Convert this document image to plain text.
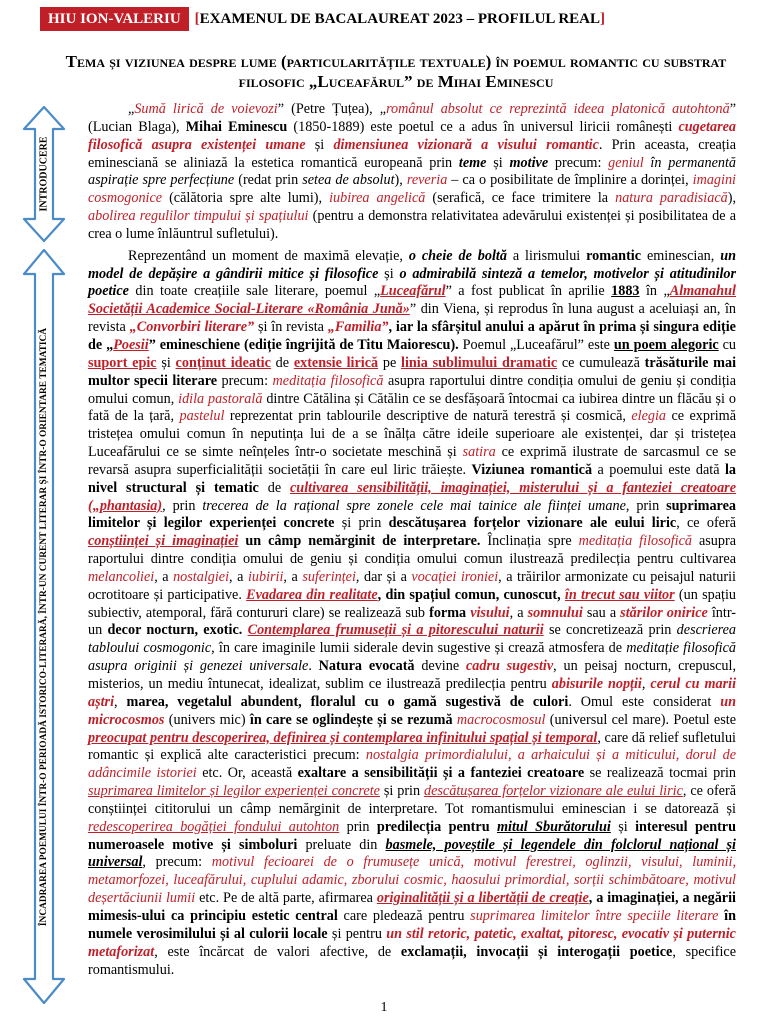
HIU ION-VALERIU [EXAMENUL DE BACALAUREAT 2023 – PROFILUL REAL]
Tema și viziunea despre lume (particularitățile textuale) în poemul romantic cu substrat filosofic „Luceafărul” de Mihai Eminescu
INTRODUCERE
ÎNCADRAREA POEMULUI ÎNTR-O PERIOADĂ ISTORICO-LITERARĂ, ÎNTR-UN CURENT LITERAR ȘI ÎNTR-O ORIENTARE TEMATICĂ

„Sumă lirică de voievozi” (Petre Țuțea), „românul absolut ce reprezintă ideea platonică autohtonă” (Lucian Blaga), Mihai Eminescu (1850-1889) este poetul ce a adus în universul liricii românești cugetarea filosofică asupra existenței umane și dimensiunea vizionară a visului romantic. Prin aceasta, creația eminesciană se aliniază la estetica romantică europeană prin teme și motive precum: geniul în permanentă aspirație spre perfecțiune (redat prin setea de absolut), reveria – ca o posibilitate de împlinire a dorinței, imagini cosmogonice (călătoria spre alte lumi), iubirea angelică (serafică, ce face trimitere la natura paradisiacă), abolirea regulilor timpului și spațiului (pentru a demonstra relativitatea adevărului existenței și posibilitatea de a crea o lume înlăuntrul sufletului).

Reprezentând un moment de maximă elevație, o cheie de boltă a lirismului romantic eminescian, un model de depășire a gândirii mitice și filosofice și o admirabilă sinteză a temelor, motivelor și atitudinilor poetice din toate creațiile sale literare, poemul „Luceafărul” a fost publicat în aprilie 1883 în „Almanahul Societății Academice Social-Literare «România Jună»” din Viena, și reprodus în luna august a aceluiași an, în revista „Convorbiri literare” și în revista „Familia”, iar la sfârșitul anului a apărut în prima și singura ediție de „Poesii” emineschiene (ediție îngrijită de Titu Maiorescu). Poemul „Luceafărul” este un poem alegoric cu suport epic și conținut ideatic de extensie lirică pe linia sublimului dramatic ce cumulează trăsăturile mai multor specii literare precum: meditația filosofică asupra raportului dintre condiția omului de geniu și condiția omului comun, idila pastorală dintre Cătălina și Cătălin ce se desfășoară întocmai ca iubirea dintre un flăcău și o fată de la țară, pastelul reprezentat prin tablourile descriptive de natură terestră și cosmică, elegia ce exprimă tristețea omului comun în neputința lui de a se înălța către ideile superioare ale existenței, dar și tristețea Luceafărului ce se simte neînțeles într-o societate meschină și satira ce exprimă ilustrate de sarcasmul ce se revarsă asupra superficialității societății în care eul liric trăiește. Viziunea romantică a poemului este dată la nivel structural și tematic de cultivarea sensibilității, imaginației, misterului și a fanteziei creatoare („phantasia), prin trecerea de la rațional spre zonele cele mai tainice ale ființei umane, prin suprimarea limitelor și legilor experienței concrete și prin descătușarea forțelor vizionare ale eului liric, ce oferă conștiinței și imaginației un câmp nemărginit de interpretare. Înclinația spre meditația filosofică asupra raportului dintre condiția omului de geniu și condiția omului comun ilustrează predilecția pentru cultivarea melancoliei, a nostalgiei, a iubirii, a suferinței, dar și a vocației ironiei, a trăirilor armonizate cu peisajul naturii ocrotitoare și participative. Evadarea din realitate, din spațiul comun, cunoscut, în trecut sau viitor (un spațiu subiectiv, atemporal, fără contururi clare) se realizează sub forma visului, a somnului sau a stărilor onirice într-un decor nocturn, exotic. Contemplarea frumuseții și a pitorescului naturii se concretizează prin descrierea tabloului cosmogonic, în care imaginile lumii siderale devin sugestive și crează atmosfera de meditație filosofică asupra originii și genezei universale. Natura evocată devine cadru sugestiv, un peisaj nocturn, crepuscul, misterios, un mediu întunecat, idealizat, sublim ce ilustrează predilecția pentru abisurile nopții, cerul cu marii aștri, marea, vegetalul abundent, floralul cu o gamă sugestivă de culori. Omul este considerat un microcosmos (univers mic) în care se oglindește și se rezumă macrocosmosul (universul cel mare). Poetul este preocupat pentru descoperirea, definirea și contemplarea infinitului spațial și temporal, care dă relief sufletului romantic și explică alte caracteristici precum: nostalgia primordialului, a arhaicului și a miticului, dorul de adâncimile istoriei etc. Or, această exaltare a sensibilității și a fanteziei creatoare se realizează tocmai prin suprimarea limitelor și legilor experienței concrete și prin descătușarea forțelor vizionare ale eului liric, ce oferă conștiinței cititorului un câmp nemărginit de interpretare. Tot romantismului eminescian i se datorează și redescoperirea bogăției fondului autohton prin predilecția pentru mitul Sburătorului și interesul pentru numeroasele motive și simboluri preluate din basmele, poveștile și legendele din folclorul național și universal, precum: motivul fecioarei de o frumusețe unică, motivul ferestrei, oglinzii, visului, luminii, metamorfozei, luceafărului, cuplului adamic, zborului cosmic, haosului primordial, sorții schimbătoare, motivul deșertăciunii lumii etc. Pe de altă parte, afirmarea originalității și a libertății de creație, a imaginației, a negării mimesis-ului ca principiu estetic central care pledează pentru suprimarea limitelor între speciile literare în numele verosimilului și al culorii locale și pentru un stil retoric, patetic, exaltat, pitoresc, evocativ și puternic metaforizat, este încărcat de valori afective, de exclamații, invocații și interogații poetice, specifice romantismului.

1
